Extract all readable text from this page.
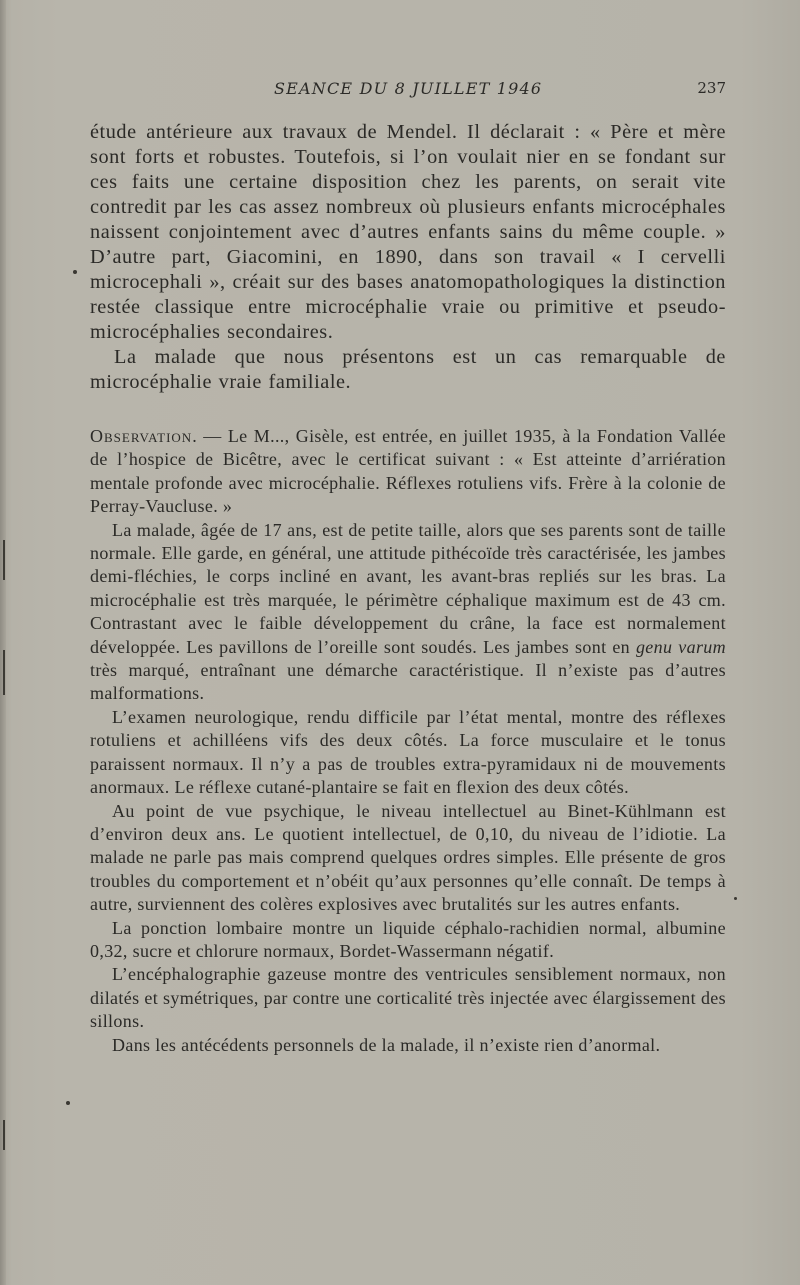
SEANCE DU 8 JUILLET 1946	237

étude antérieure aux travaux de Mendel. Il déclarait : « Père et mère sont forts et robustes. Toutefois, si l’on voulait nier en se fondant sur ces faits une certaine disposition chez les parents, on serait vite contredit par les cas assez nombreux où plusieurs enfants microcéphales naissent conjointement avec d’autres enfants sains du même couple. » D’autre part, Giacomini, en 1890, dans son travail « I cervelli microcephali », créait sur des bases anatomopathologiques la distinction restée classique entre microcéphalie vraie ou primitive et pseudo-microcéphalies secondaires.

La malade que nous présentons est un cas remarquable de microcéphalie vraie familiale.

Observation. — Le M..., Gisèle, est entrée, en juillet 1935, à la Fondation Vallée de l’hospice de Bicêtre, avec le certificat suivant : « Est atteinte d’arriération mentale profonde avec microcéphalie. Réflexes rotuliens vifs. Frère à la colonie de Perray-Vaucluse. »

La malade, âgée de 17 ans, est de petite taille, alors que ses parents sont de taille normale. Elle garde, en général, une attitude pithécoïde très caractérisée, les jambes demi-fléchies, le corps incliné en avant, les avant-bras repliés sur les bras. La microcéphalie est très marquée, le périmètre céphalique maximum est de 43 cm. Contrastant avec le faible développement du crâne, la face est normalement développée. Les pavillons de l’oreille sont soudés. Les jambes sont en genu varum très marqué, entraînant une démarche caractéristique. Il n’existe pas d’autres malformations.

L’examen neurologique, rendu difficile par l’état mental, montre des réflexes rotuliens et achilléens vifs des deux côtés. La force musculaire et le tonus paraissent normaux. Il n’y a pas de troubles extra-pyramidaux ni de mouvements anormaux. Le réflexe cutané-plantaire se fait en flexion des deux côtés.

Au point de vue psychique, le niveau intellectuel au Binet-Kühlmann est d’environ deux ans. Le quotient intellectuel, de 0,10, du niveau de l’idiotie. La malade ne parle pas mais comprend quelques ordres simples. Elle présente de gros troubles du comportement et n’obéit qu’aux personnes qu’elle connaît. De temps à autre, surviennent des colères explosives avec brutalités sur les autres enfants.

La ponction lombaire montre un liquide céphalo-rachidien normal, albumine 0,32, sucre et chlorure normaux, Bordet-Wassermann négatif.

L’encéphalographie gazeuse montre des ventricules sensiblement normaux, non dilatés et symétriques, par contre une corticalité très injectée avec élargissement des sillons.

Dans les antécédents personnels de la malade, il n’existe rien d’anormal.
